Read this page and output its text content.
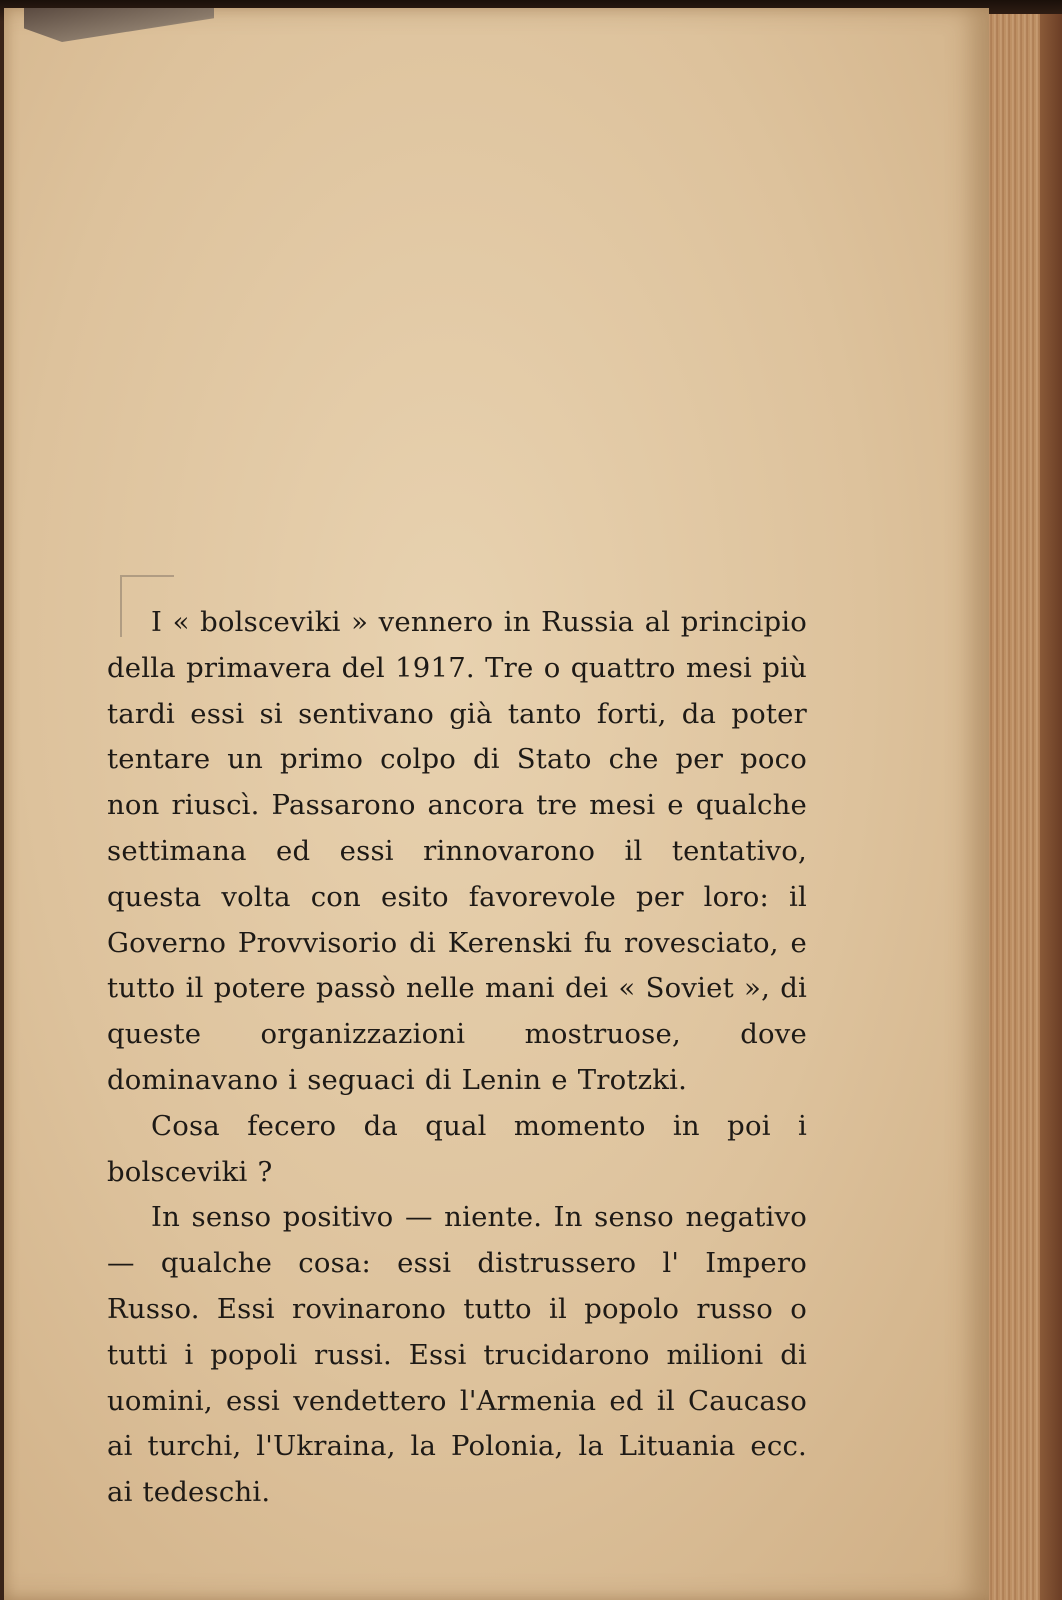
I « bolsceviki » vennero in Russia al principio della primavera del 1917. Tre o quattro mesi più tardi essi si sentivano già tanto forti, da poter tentare un primo colpo di Stato che per poco non riuscì. Passarono ancora tre mesi e qualche settimana ed essi rinnovarono il tentativo, questa volta con esito favorevole per loro: il Governo Provvisorio di Kerenski fu rovesciato, e tutto il potere passò nelle mani dei « Soviet », di queste organizzazioni mostruose, dove dominavano i seguaci di Lenin e Trotzki.

Cosa fecero da qual momento in poi i bolsceviki ?

In senso positivo — niente. In senso negativo — qualche cosa: essi distrussero l' Impero Russo. Essi rovinarono tutto il popolo russo o tutti i popoli russi. Essi trucidarono milioni di uomini, essi vendettero l'Armenia ed il Caucaso ai turchi, l'Ukraina, la Polonia, la Lituania ecc. ai tedeschi.
